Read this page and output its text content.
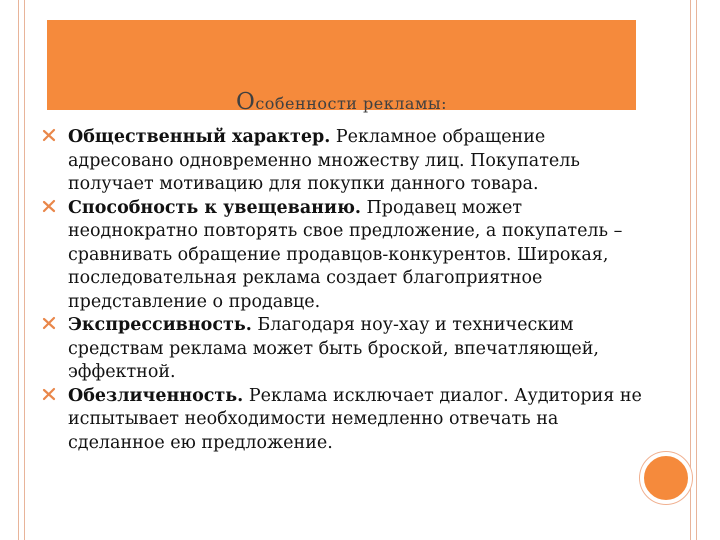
Особенности рекламы:
Общественный характер. Рекламное обращение адресовано одновременно множеству лиц. Покупатель получает мотивацию для покупки данного товара.
Способность к увещеванию. Продавец может неоднократно повторять свое предложение, а покупатель – сравнивать обращение продавцов-конкурентов. Широкая, последовательная реклама создает благоприятное представление о продавце.
Экспрессивность. Благодаря ноу-хау и техническим средствам реклама может быть броской, впечатляющей, эффектной.
Обезличенность. Реклама исключает диалог. Аудитория не испытывает необходимости немедленно отвечать на сделанное ею предложение.
